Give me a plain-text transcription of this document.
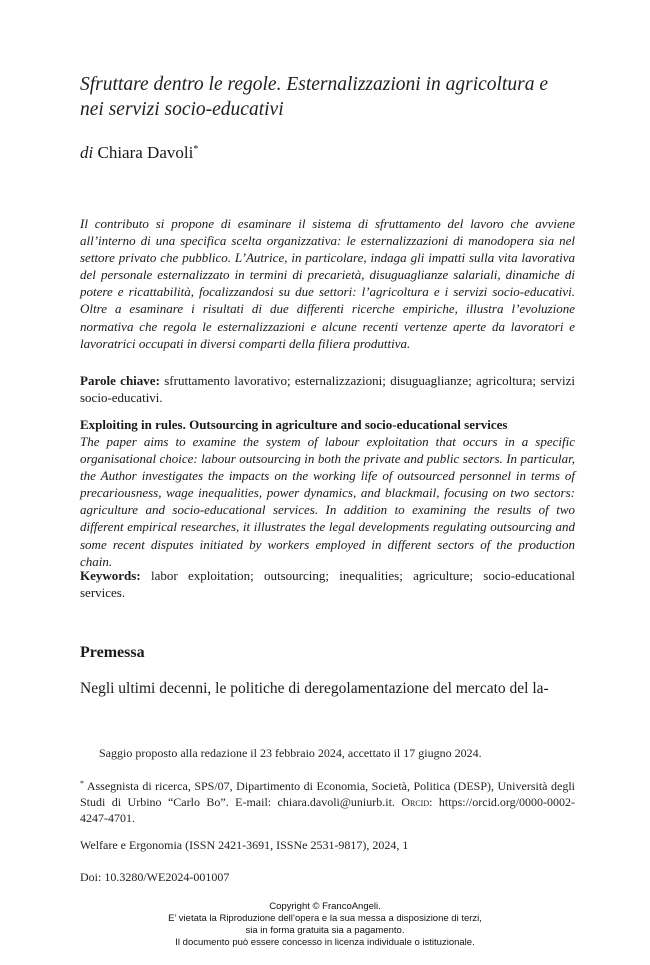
Sfruttare dentro le regole. Esternalizzazioni in agricoltura e nei servizi socio-educativi
di Chiara Davoli*
Il contributo si propone di esaminare il sistema di sfruttamento del lavoro che avviene all’interno di una specifica scelta organizzativa: le esternalizzazioni di manodopera sia nel settore privato che pubblico. L’Autrice, in particolare, indaga gli impatti sulla vita lavorativa del personale esternalizzato in termini di precarietà, disuguaglianze salariali, dinamiche di potere e ricattabilità, focalizzandosi su due settori: l’agricoltura e i servizi socio-educativi. Oltre a esaminare i risultati di due differenti ricerche empiriche, illustra l’evoluzione normativa che regola le esternalizzazioni e alcune recenti vertenze aperte da lavoratori e lavoratrici occupati in diversi comparti della filiera produttiva.
Parole chiave: sfruttamento lavorativo; esternalizzazioni; disuguaglianze; agricoltura; servizi socio-educativi.
Exploiting in rules. Outsourcing in agriculture and socio-educational services
The paper aims to examine the system of labour exploitation that occurs in a specific organisational choice: labour outsourcing in both the private and public sectors. In particular, the Author investigates the impacts on the working life of outsourced personnel in terms of precariousness, wage inequalities, power dynamics, and blackmail, focusing on two sectors: agriculture and socio-educational services. In addition to examining the results of two different empirical researches, it illustrates the legal developments regulating outsourcing and some recent disputes initiated by workers employed in different sectors of the production chain.
Keywords: labor exploitation; outsourcing; inequalities; agriculture; socio-educational services.
Premessa
Negli ultimi decenni, le politiche di deregolamentazione del mercato del la-
Saggio proposto alla redazione il 23 febbraio 2024, accettato il 17 giugno 2024.
* Assegnista di ricerca, SPS/07, Dipartimento di Economia, Società, Politica (DESP), Università degli Studi di Urbino “Carlo Bo”. E-mail: chiara.davoli@uniurb.it. Orcid: https://orcid.org/0000-0002-4247-4701.
Welfare e Ergonomia (ISSN 2421-3691, ISSNe 2531-9817), 2024, 1
Doi: 10.3280/WE2024-001007
Copyright © FrancoAngeli.
E’ vietata la Riproduzione dell’opera e la sua messa a disposizione di terzi,
sia in forma gratuita sia a pagamento.
Il documento può essere concesso in licenza individuale o istituzionale.
